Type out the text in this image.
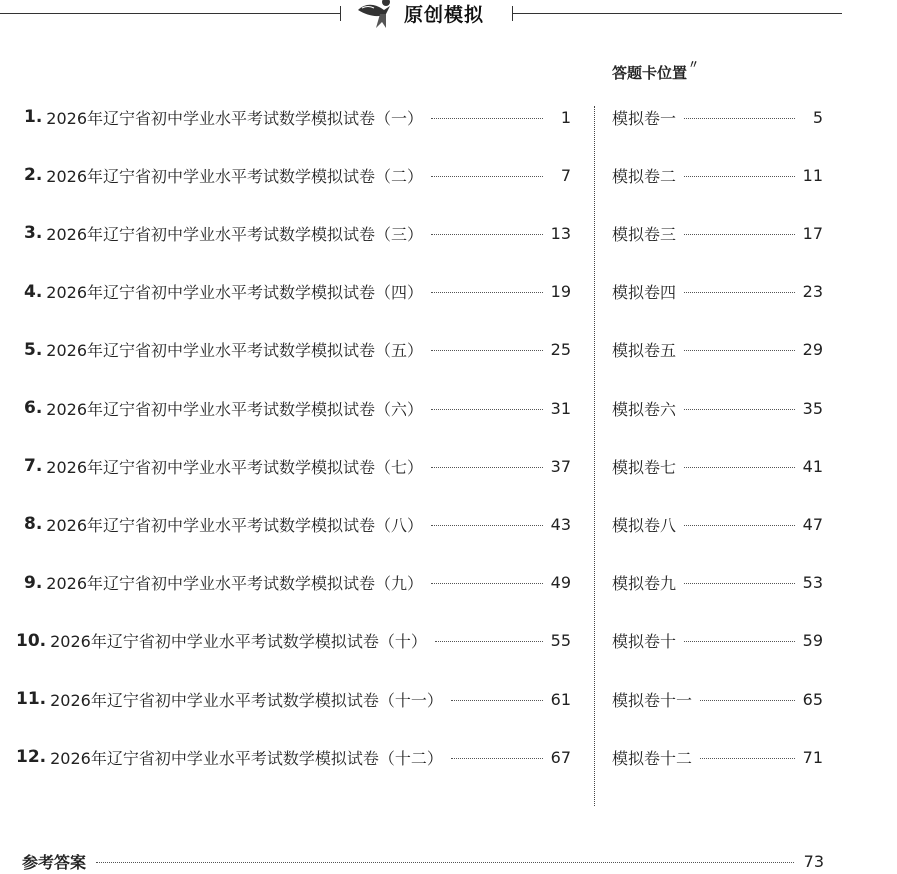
原创模拟
答题卡位置〃
1. 2026年辽宁省初中学业水平考试数学模拟试卷（一）	1
2. 2026年辽宁省初中学业水平考试数学模拟试卷（二）	7
3. 2026年辽宁省初中学业水平考试数学模拟试卷（三）	13
4. 2026年辽宁省初中学业水平考试数学模拟试卷（四）	19
5. 2026年辽宁省初中学业水平考试数学模拟试卷（五）	25
6. 2026年辽宁省初中学业水平考试数学模拟试卷（六）	31
7. 2026年辽宁省初中学业水平考试数学模拟试卷（七）	37
8. 2026年辽宁省初中学业水平考试数学模拟试卷（八）	43
9. 2026年辽宁省初中学业水平考试数学模拟试卷（九）	49
10. 2026年辽宁省初中学业水平考试数学模拟试卷（十）	55
11. 2026年辽宁省初中学业水平考试数学模拟试卷（十一）	61
12. 2026年辽宁省初中学业水平考试数学模拟试卷（十二）	67
模拟卷一	5
模拟卷二	11
模拟卷三	17
模拟卷四	23
模拟卷五	29
模拟卷六	35
模拟卷七	41
模拟卷八	47
模拟卷九	53
模拟卷十	59
模拟卷十一	65
模拟卷十二	71
参考答案	73
